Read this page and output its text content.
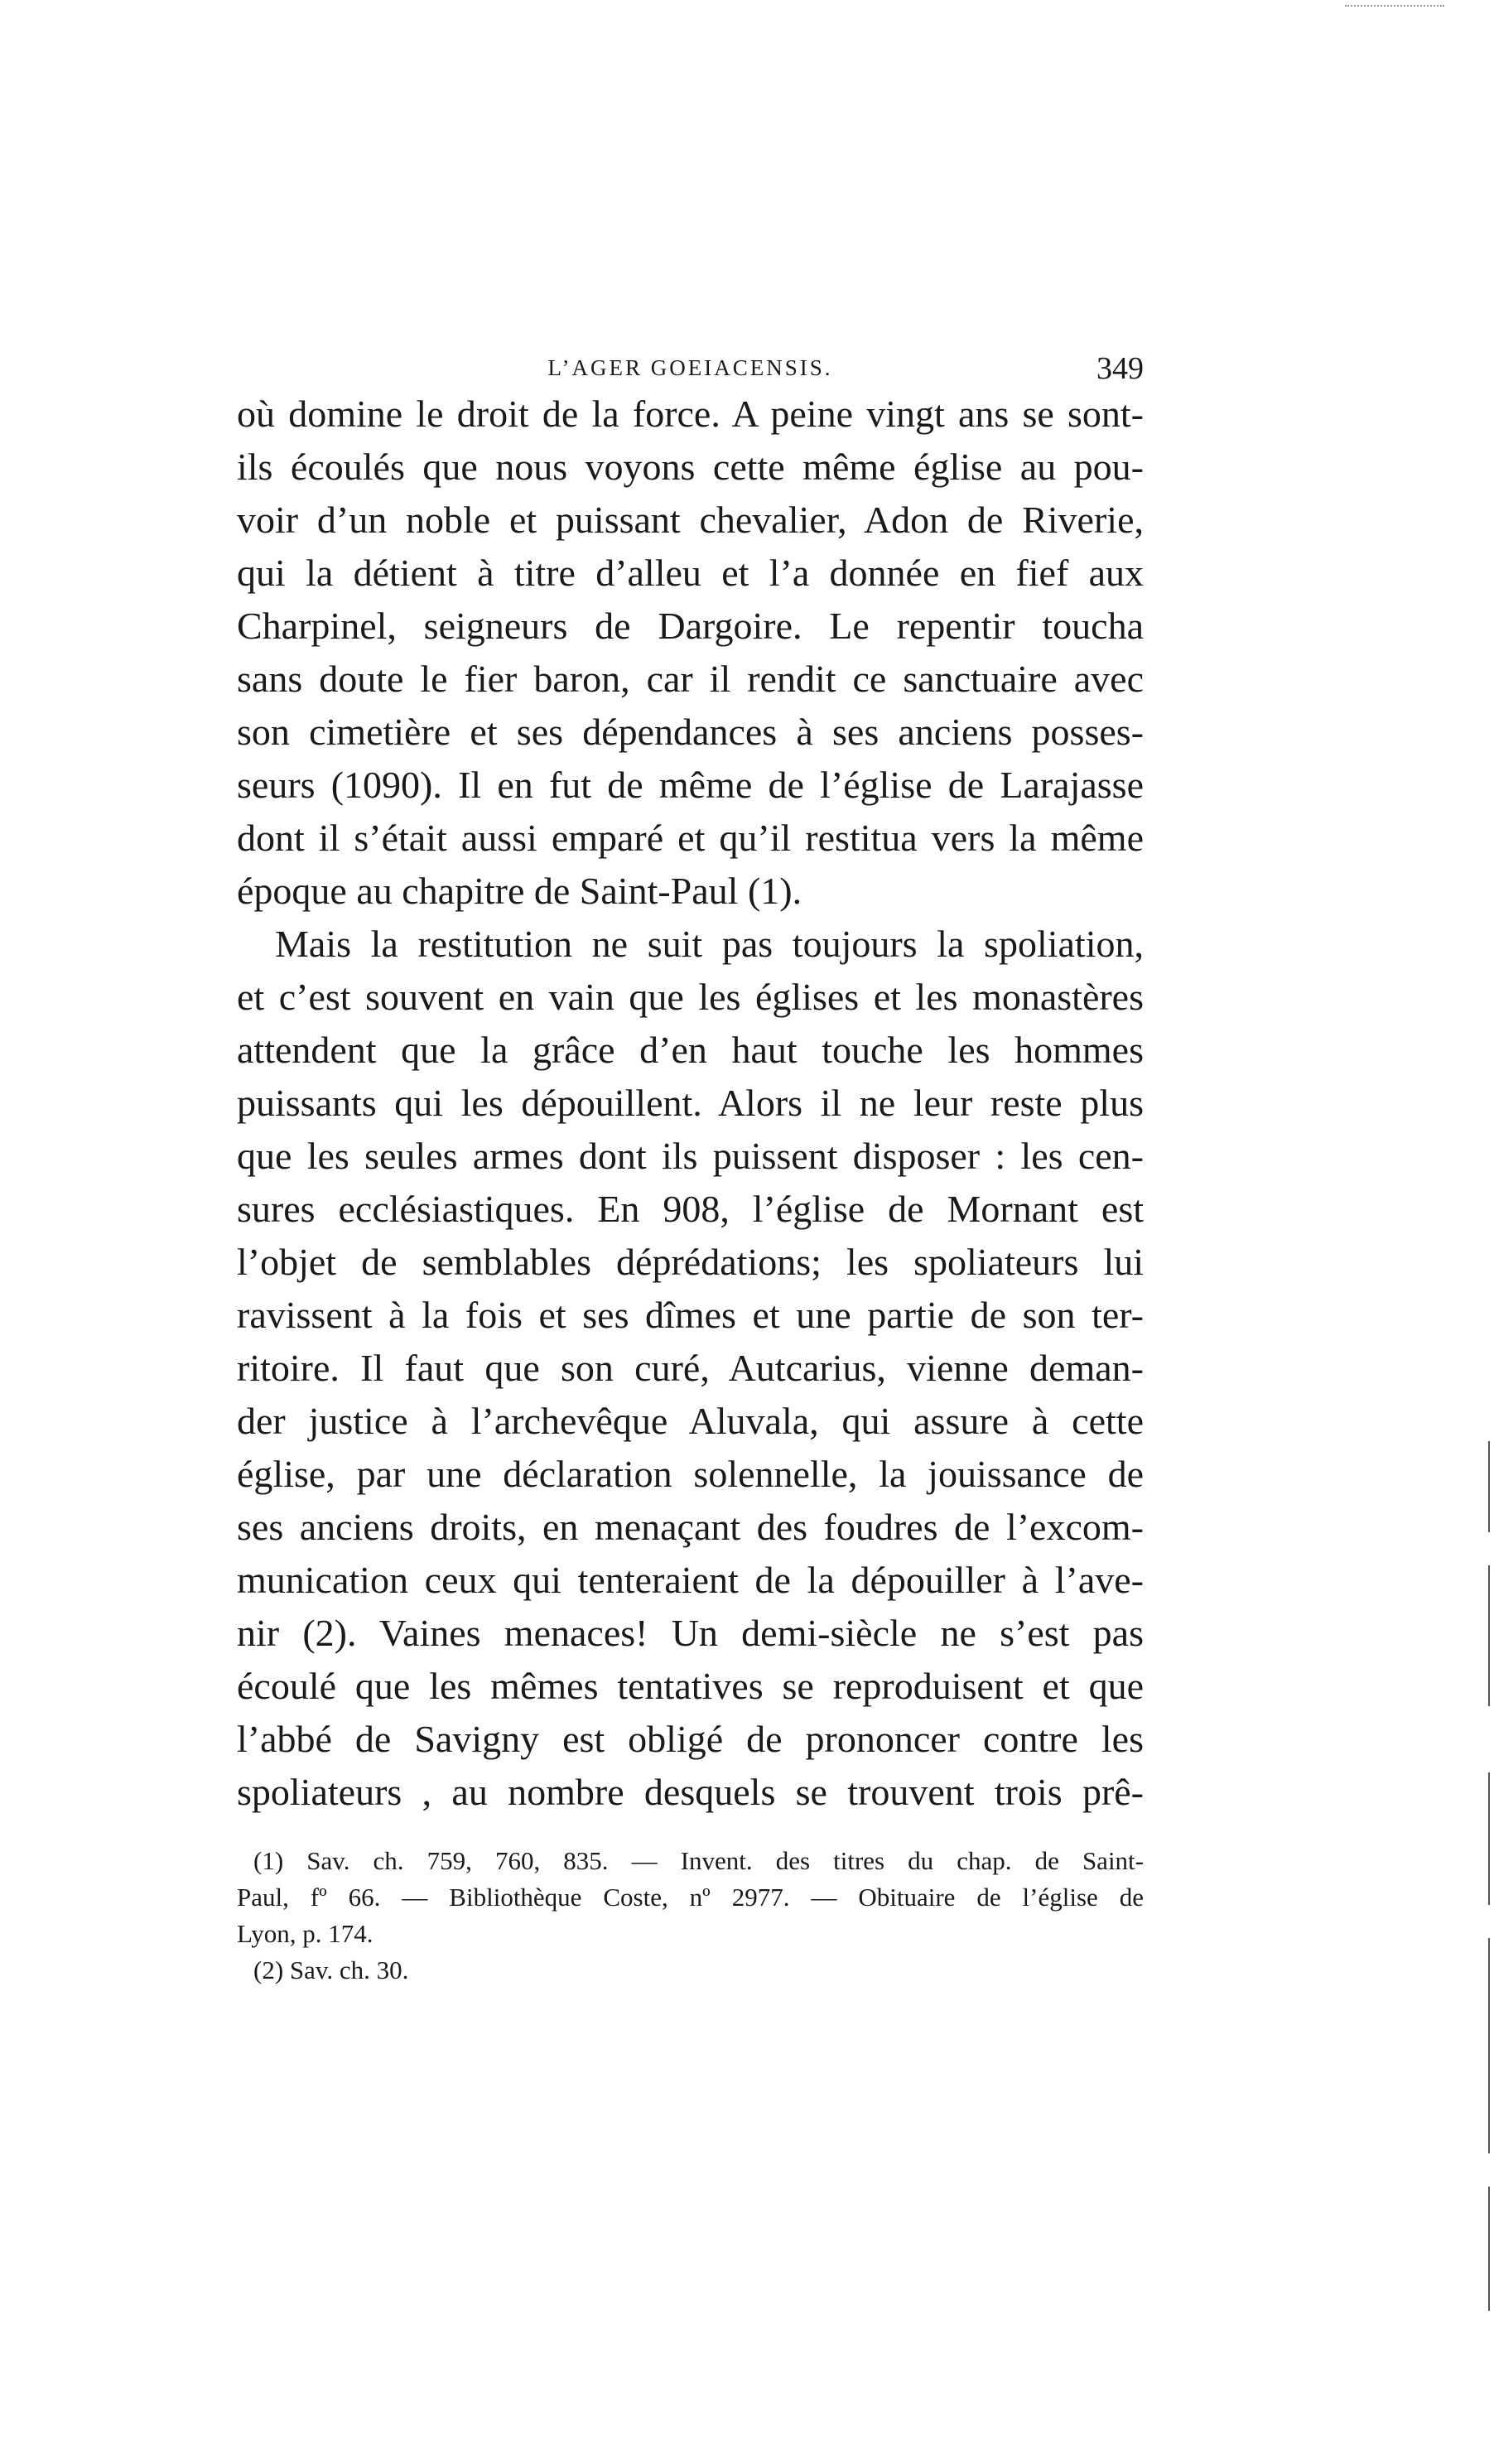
L’AGER GOEIACENSIS.	349
où domine le droit de la force. A peine vingt ans se sont-
ils écoulés que nous voyons cette même église au pou-
voir d’un noble et puissant chevalier, Adon de Riverie,
qui la détient à titre d’alleu et l’a donnée en fief aux
Charpinel, seigneurs de Dargoire. Le repentir toucha
sans doute le fier baron, car il rendit ce sanctuaire avec
son cimetière et ses dépendances à ses anciens posses-
seurs (1090). Il en fut de même de l’église de Larajasse
dont il s’était aussi emparé et qu’il restitua vers la même
époque au chapitre de Saint-Paul (1).
Mais la restitution ne suit pas toujours la spoliation,
et c’est souvent en vain que les églises et les monastères
attendent que la grâce d’en haut touche les hommes
puissants qui les dépouillent. Alors il ne leur reste plus
que les seules armes dont ils puissent disposer : les cen-
sures ecclésiastiques. En 908, l’église de Mornant est
l’objet de semblables déprédations; les spoliateurs lui
ravissent à la fois et ses dîmes et une partie de son ter-
ritoire. Il faut que son curé, Autcarius, vienne deman-
der justice à l’archevêque Aluvala, qui assure à cette
église, par une déclaration solennelle, la jouissance de
ses anciens droits, en menaçant des foudres de l’excom-
munication ceux qui tenteraient de la dépouiller à l’ave-
nir (2). Vaines menaces! Un demi-siècle ne s’est pas
écoulé que les mêmes tentatives se reproduisent et que
l’abbé de Savigny est obligé de prononcer contre les
spoliateurs , au nombre desquels se trouvent trois prê-
(1) Sav. ch. 759, 760, 835. — Invent. des titres du chap. de Saint-
Paul, fº 66. — Bibliothèque Coste, nº 2977. — Obituaire de l’église de
Lyon, p. 174.
(2) Sav. ch. 30.
